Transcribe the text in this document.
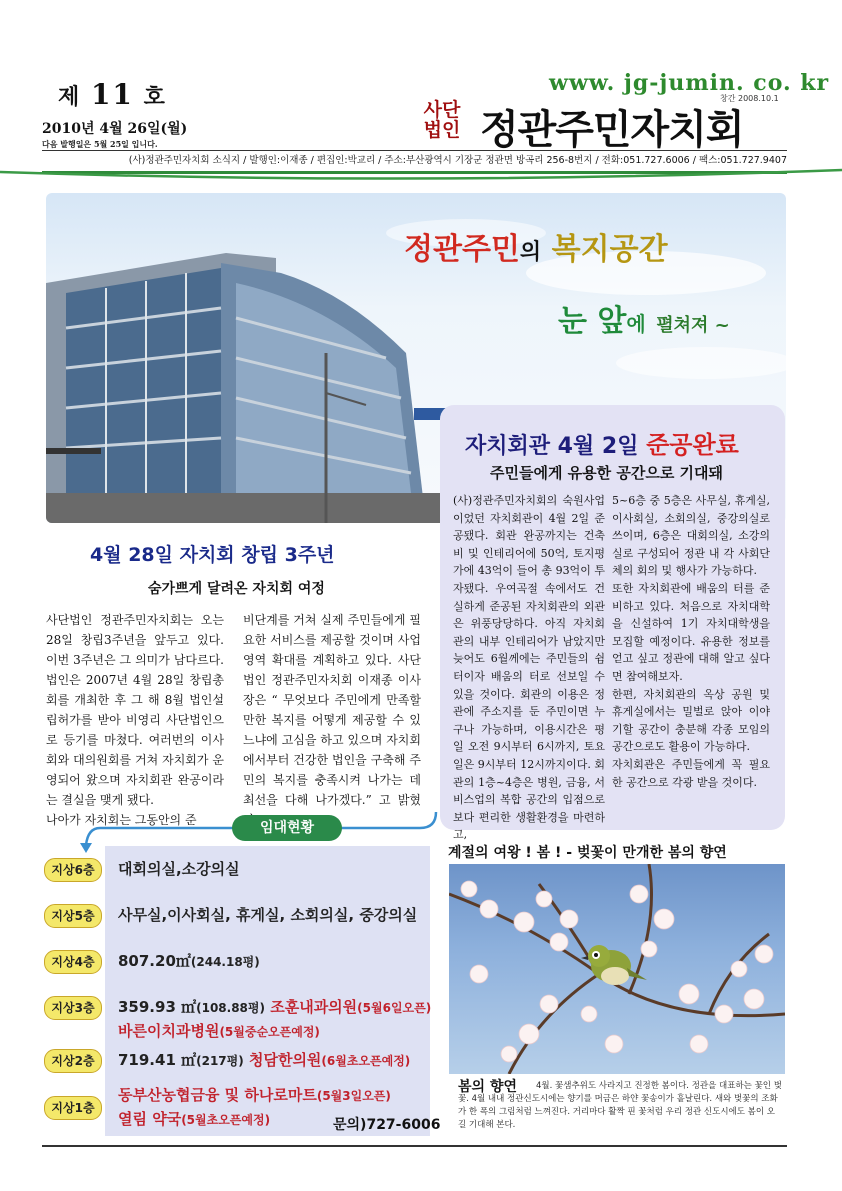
제 11 호
2010년 4월 26일(월)
다음 발행일은 5월 25일 입니다.
www. jg-jumin. co. kr
창간 2008.10.1
사단
법인 정관주민자치회
(사)정관주민자치회 소식지 / 발행인:이재종 / 편집인:박교리 / 주소:부산광역시 기장군 정관면 방곡리 256-8번지 / 전화:051.727.6006 / 팩스:051.727.9407
정관주민의 복지공간
눈 앞에 펼쳐져 ~
자치회관 4월 2일 준공완료
주민들에게 유용한 공간으로 기대돼

(사)정관주민자치회의 숙원사업이었던 자치회관이 4월 2일 준공됐다. 회관 완공까지는 건축비 및 인테리어에 50억, 토지평가에 43억이 들어 총 93억이 투자됐다. 우여곡절 속에서도 건실하게 준공된 자치회관의 외관은 위풍당당하다. 아직 자치회관의 내부 인테리어가 남았지만 늦어도 6월께에는 주민들의 쉼터이자 배움의 터로 선보일 수 있을 것이다. 회관의 이용은 정관에 주소지를 둔 주민이면 누구나 가능하며, 이용시간은 평일 오전 9시부터 6시까지, 토요일은 9시부터 12시까지이다. 회관의 1층~4층은 병원, 금융, 서비스업의 복합 공간의 입점으로 보다 편리한 생활환경을 마련하고,

5~6층 중 5층은 사무실, 휴게실, 이사회실, 소회의실, 중강의실로 쓰이며, 6층은 대회의실, 소강의실로 구성되어 정관 내 각 사회단체의 회의 및 행사가 가능하다.

또한 자치회관에 배움의 터를 준비하고 있다. 처음으로 자치대학을 신설하여 1기 자치대학생을 모집할 예정이다. 유용한 정보를 얻고 싶고 정관에 대해 알고 싶다면 참여해보자.

한편, 자치회관의 옥상 공원 및 휴게실에서는 밀벌로 앉아 이야기할 공간이 충분해 각종 모임의 공간으로도 활용이 가능하다.

자치회관은 주민들에게 꼭 필요한 공간으로 각광 받을 것이다.

4월 28일 자치회 창립 3주년
숨가쁘게 달려온 자치회 여정

사단법인 정관주민자치회는 오는 28일 창립3주년을 앞두고 있다. 이번 3주년은 그 의미가 남다르다. 법인은 2007년 4월 28일 창립총회를 개최한 후 그 해 8월 법인설립허가를 받아 비영리 사단법인으로 등기를 마쳤다. 여러번의 이사회와 대의원회를 거쳐 자치회가 운영되어 왔으며 자치회관 완공이라는 결실을 맺게 됐다.

나아가 자치회는 그동안의 준

비단계를 거쳐 실제 주민들에게 필요한 서비스를 제공할 것이며 사업 영역 확대를 계획하고 있다. 사단법인 정관주민자치회 이재종 이사장은 “ 무엇보다 주민에게 만족할 만한 복지를 어떻게 제공할 수 있느냐에 고심을 하고 있으며 자치회에서부터 건강한 법인을 구축해 주민의 복지를 충족시켜 나가는 데 최선을 다해 나가겠다.” 고 밝혔

임대현황
지상6층	대회의실,소강의실
지상5층	사무실,이사회실, 휴게실, 소회의실, 중강의실
지상4층	807.20㎡(244.18평)
지상3층	359.93 ㎡(108.88평) 조훈내과의원(5월6일오픈)
바른이치과병원(5월중순오픈예정)
지상2층	719.41 ㎡(217평) 청담한의원(6월초오픈예정)
지상1층
동부산농협금융 및 하나로마트(5월3일오픈)
열림 약국(5월초오픈예정)	문의)727-6006
계절의 여왕 ! 봄 ! - 벚꽃이 만개한 봄의 향연
4월. 꽃샘추위도 사라지고 진정한 봄이다. 정관을 대표하는 꽃인 벚꽃. 4월 내내 정관신도시에는 향기를 머금은 하얀 꽃송이가 흩날린다. 새와 벚꽃의 조화가 한 폭의 그림처럼 느껴진다. 거리마다 활짝 핀 꽃처럼 우리 정관 신도시에도 봄이 오길 기대해 본다.
봄의 향연
